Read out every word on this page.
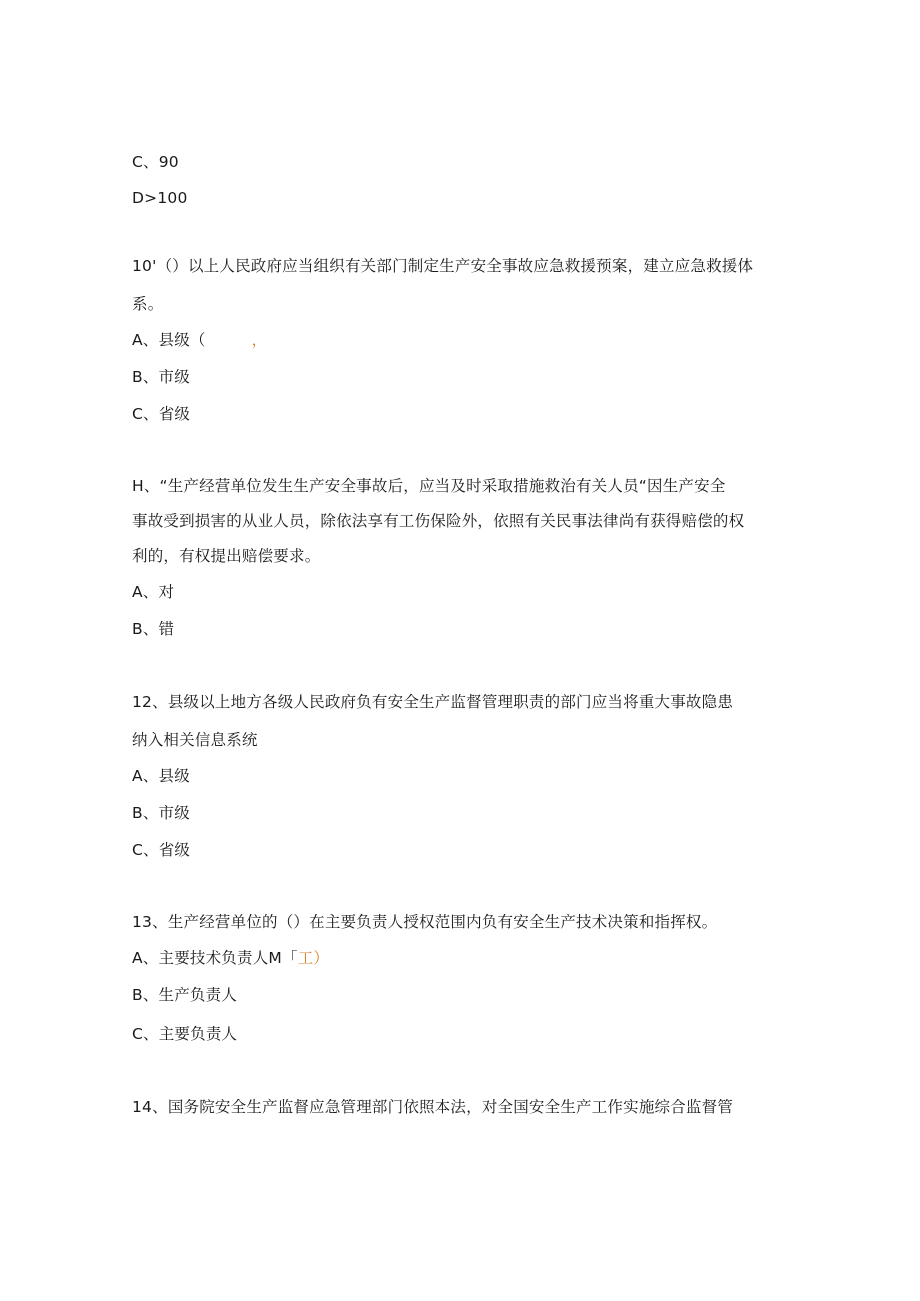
C、90
D>100
10'（）以上人民政府应当组织有关部门制定生产安全事故应急救援预案，建立应急救援体
系。
A、县级（	，
B、市级
C、省级
H、“生产经营单位发生生产安全事故后，应当及时采取措施救治有关人员“因生产安全
事故受到损害的从业人员，除依法享有工伤保险外，依照有关民事法律尚有获得赔偿的权
利的，有权提出赔偿要求。
A、对
B、错
12、县级以上地方各级人民政府负有安全生产监督管理职责的部门应当将重大事故隐患
纳入相关信息系统
A、县级
B、市级
C、省级
13、生产经营单位的（）在主要负责人授权范围内负有安全生产技术决策和指挥权。
A、主要技术负责人M「工）
B、生产负责人
C、主要负责人
14、国务院安全生产监督应急管理部门依照本法，对全国安全生产工作实施综合监督管
